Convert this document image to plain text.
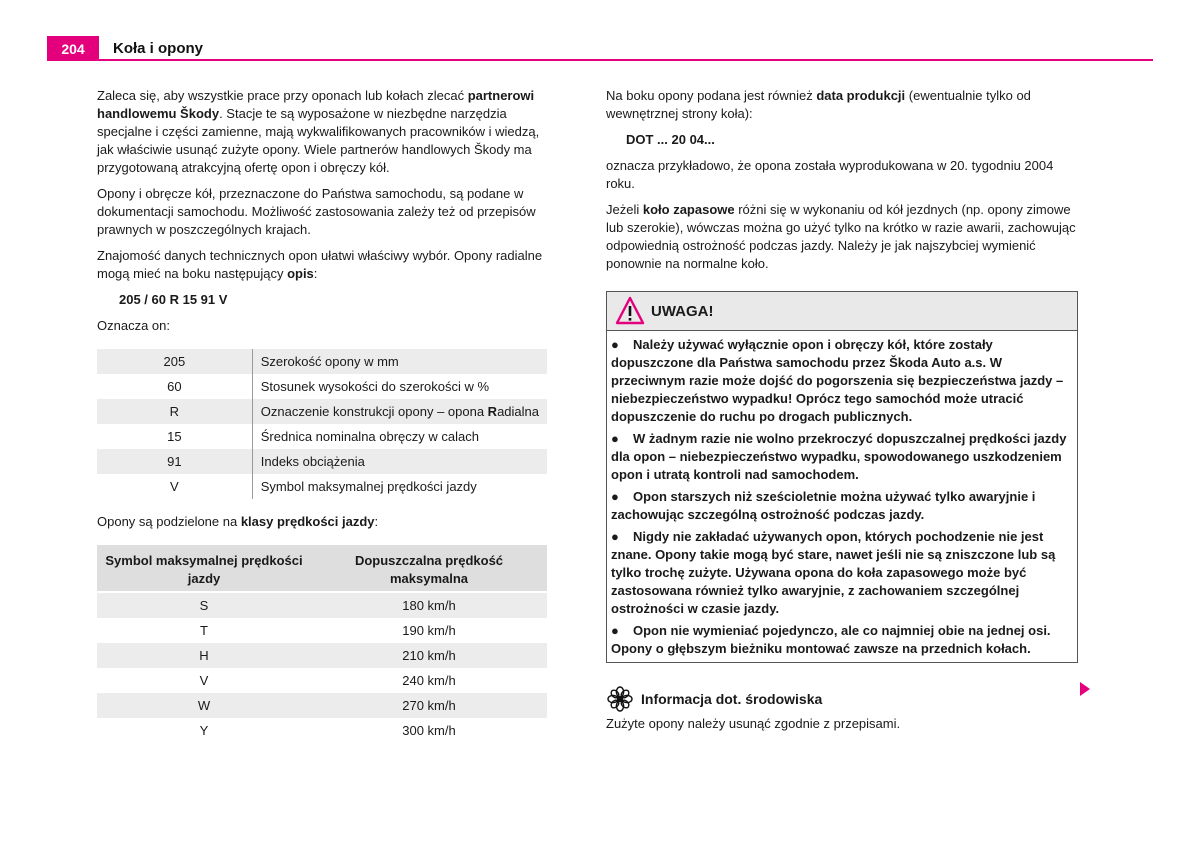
204	Koła i opony

Zaleca się, aby wszystkie prace przy oponach lub kołach zlecać partnerowi handlowemu Škody. Stacje te są wyposażone w niezbędne narzędzia specjalne i części zamienne, mają wykwalifikowanych pracowników i wiedzą, jak właściwie usunąć zużyte opony. Wiele partnerów handlowych Škody ma przygotowaną atrakcyjną ofertę opon i obręczy kół.

Opony i obręcze kół, przeznaczone do Państwa samochodu, są podane w dokumentacji samochodu. Możliwość zastosowania zależy też od przepisów prawnych w poszczególnych krajach.

Znajomość danych technicznych opon ułatwi właściwy wybór. Opony radialne mogą mieć na boku następujący opis:

205 / 60 R 15 91 V

Oznacza on:

205	Szerokość opony w mm
60	Stosunek wysokości do szerokości w %
R	Oznaczenie konstrukcji opony – opona Radialna
15	Średnica nominalna obręczy w calach
91	Indeks obciążenia
V	Symbol maksymalnej prędkości jazdy

Opony są podzielone na klasy prędkości jazdy:

Symbol maksymalnej prędkości jazdy	Dopuszczalna prędkość maksymalna
S	180 km/h
T	190 km/h
H	210 km/h
V	240 km/h
W	270 km/h
Y	300 km/h

Na boku opony podana jest również data produkcji (ewentualnie tylko od wewnętrznej strony koła):

DOT ... 20 04...

oznacza przykładowo, że opona została wyprodukowana w 20. tygodniu 2004 roku.

Jeżeli koło zapasowe różni się w wykonaniu od kół jezdnych (np. opony zimowe lub szerokie), wówczas można go użyć tylko na krótko w razie awarii, zachowując odpowiednią ostrożność podczas jazdy. Należy je jak najszybciej wymienić ponownie na normalne koło.

UWAGA!
● Należy używać wyłącznie opon i obręczy kół, które zostały dopuszczone dla Państwa samochodu przez Škoda Auto a.s. W przeciwnym razie może dojść do pogorszenia się bezpieczeństwa jazdy – niebezpieczeństwo wypadku! Oprócz tego samochód może utracić dopuszczenie do ruchu po drogach publicznych.
● W żadnym razie nie wolno przekroczyć dopuszczalnej prędkości jazdy dla opon – niebezpieczeństwo wypadku, spowodowanego uszkodzeniem opon i utratą kontroli nad samochodem.
● Opon starszych niż sześcioletnie można używać tylko awaryjnie i zachowując szczególną ostrożność podczas jazdy.
● Nigdy nie zakładać używanych opon, których pochodzenie nie jest znane. Opony takie mogą być stare, nawet jeśli nie są zniszczone lub są tylko trochę zużyte. Używana opona do koła zapasowego może być zastosowana również tylko awaryjnie, z zachowaniem szczególnej ostrożności w czasie jazdy.
● Opon nie wymieniać pojedynczo, ale co najmniej obie na jednej osi. Opony o głębszym bieżniku montować zawsze na przednich kołach.
Informacja dot. środowiska
Zużyte opony należy usunąć zgodnie z przepisami.
